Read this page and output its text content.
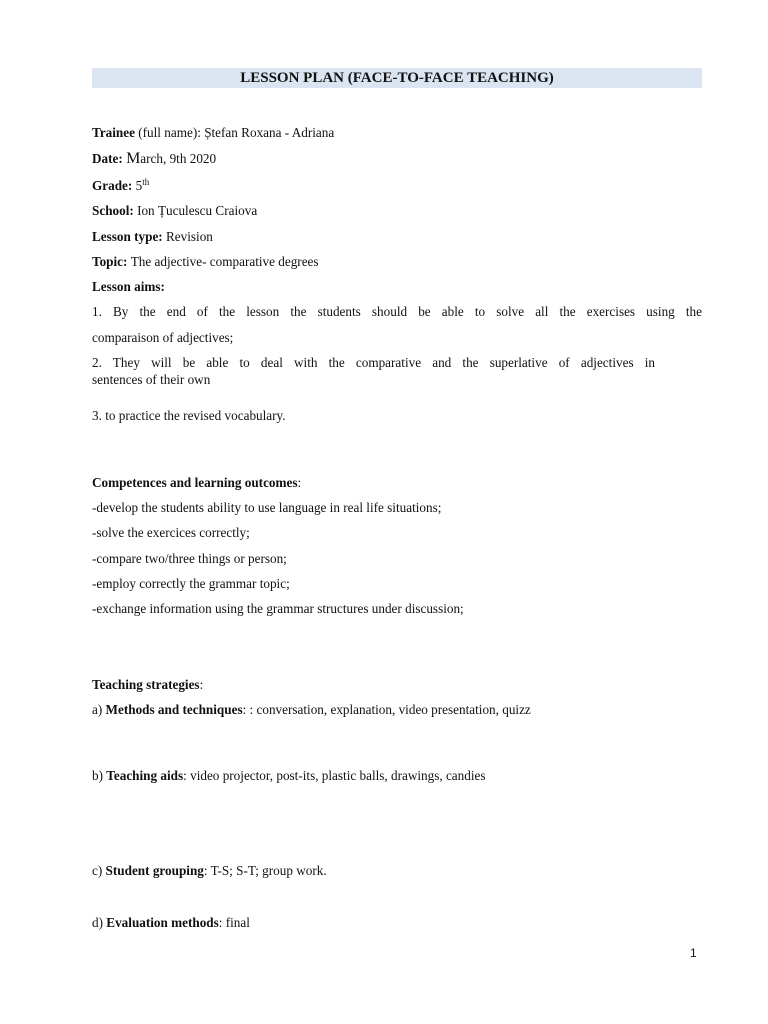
LESSON PLAN (FACE-TO-FACE TEACHING)
Trainee (full name): Ștefan Roxana - Adriana
Date: March, 9th 2020
Grade: 5th
School: Ion Țuculescu Craiova
Lesson type: Revision
Topic: The adjective- comparative degrees
Lesson aims:
1. By the end of the lesson the students should be able to solve all the exercises using the
comparaison of adjectives;
2. They will be able to deal with the comparative and the superlative of adjectives in
sentences of their own
3. to practice the revised vocabulary.
Competences and learning outcomes:
-develop the students ability to use language in real life situations;
-solve the exercices correctly;
-compare two/three things or person;
-employ correctly the grammar topic;
-exchange information using the grammar structures under discussion;
Teaching strategies:
a) Methods and techniques: : conversation, explanation, video presentation, quizz
b) Teaching aids: video projector, post-its, plastic balls, drawings, candies
c) Student grouping: T-S; S-T; group work.
d) Evaluation methods: final
1
